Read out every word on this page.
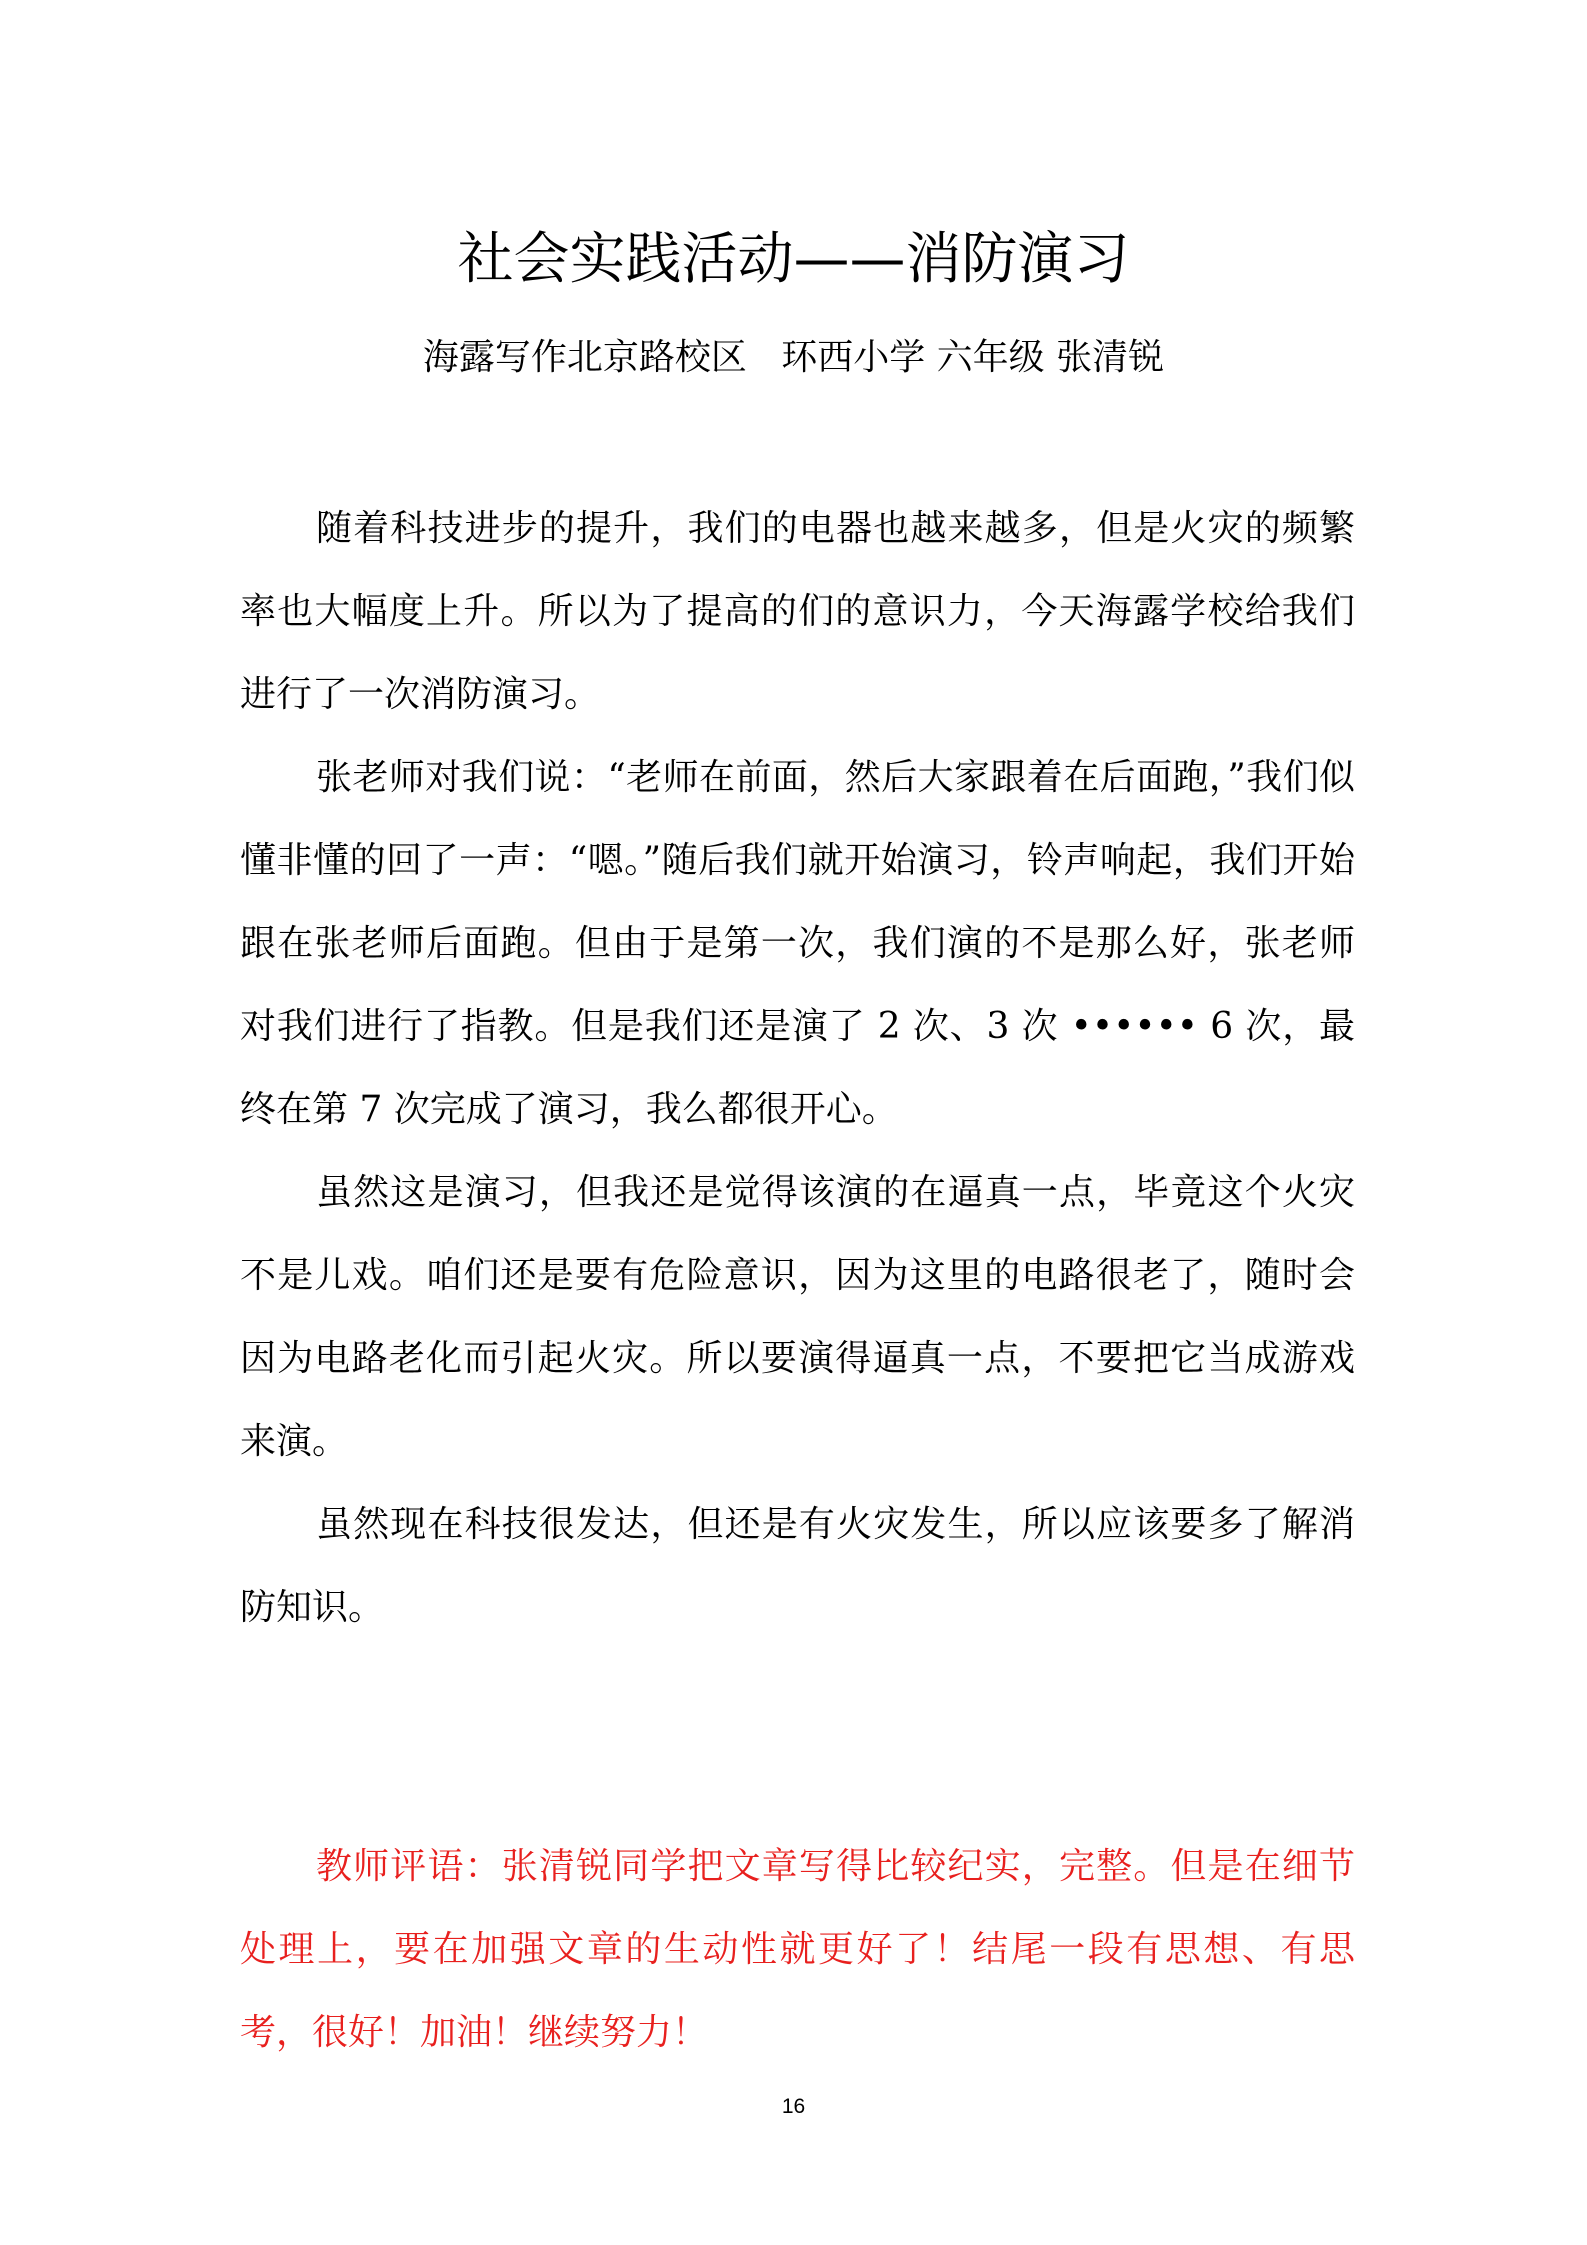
社会实践活动——消防演习
海露写作北京路校区   环西小学 六年级 张清锐

随着科技进步的提升，我们的电器也越来越多，但是火灾的频繁率也大幅度上升。所以为了提高的们的意识力，今天海露学校给我们进行了一次消防演习。

张老师对我们说：“老师在前面，然后大家跟着在后面跑，”我们似懂非懂的回了一声：“嗯。”随后我们就开始演习，铃声响起，我们开始跟在张老师后面跑。但由于是第一次，我们演的不是那么好，张老师对我们进行了指教。但是我们还是演了 2 次、3 次 •••••• 6 次，最终在第 7 次完成了演习，我么都很开心。

虽然这是演习，但我还是觉得该演的在逼真一点，毕竟这个火灾不是儿戏。咱们还是要有危险意识，因为这里的电路很老了，随时会因为电路老化而引起火灾。所以要演得逼真一点，不要把它当成游戏来演。

虽然现在科技很发达，但还是有火灾发生，所以应该要多了解消防知识。

教师评语：张清锐同学把文章写得比较纪实，完整。但是在细节处理上，要在加强文章的生动性就更好了！结尾一段有思想、有思考，很好！加油！继续努力！

16
